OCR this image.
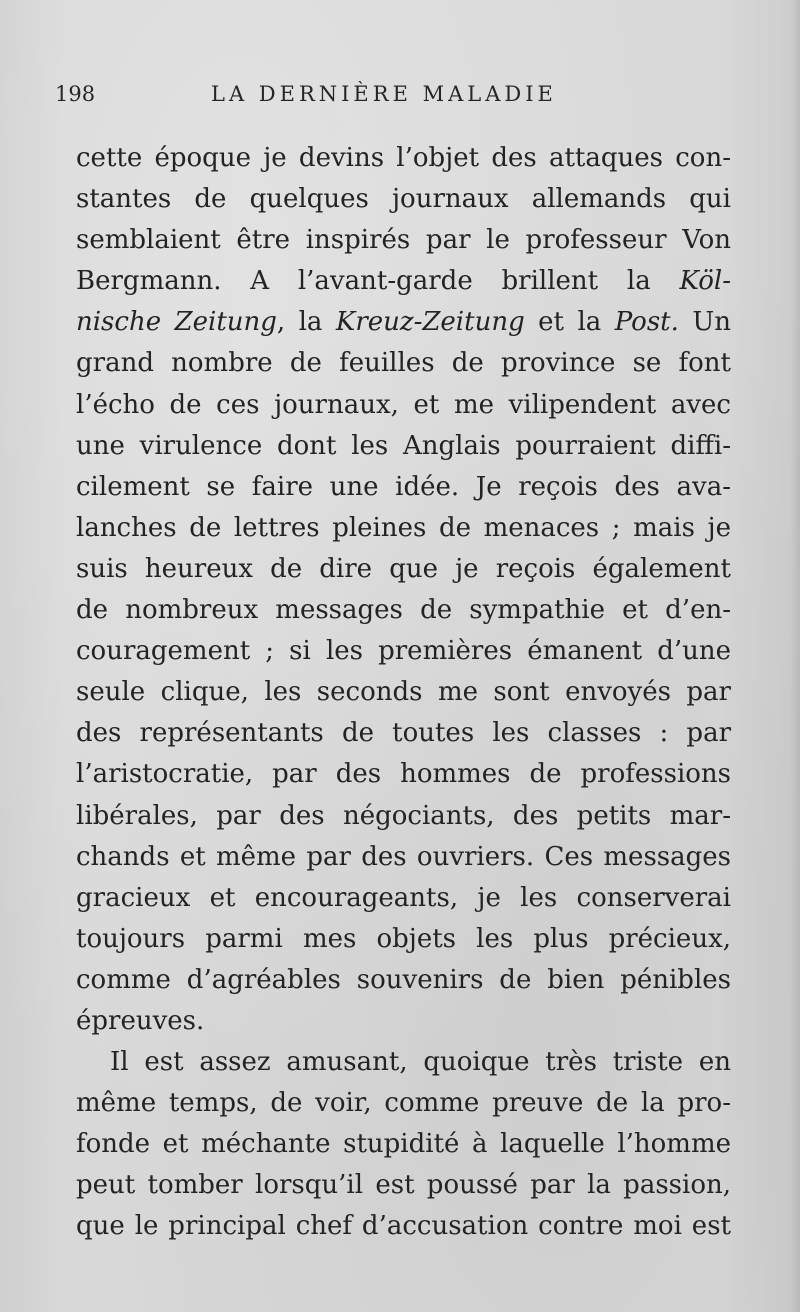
198	LA DERNIÈRE MALADIE
cette époque je devins l’objet des attaques con-
stantes de quelques journaux allemands qui
semblaient être inspirés par le professeur Von
Bergmann. A l’avant-garde brillent la Köl-
nische Zeitung, la Kreuz-Zeitung et la Post. Un
grand nombre de feuilles de province se font
l’écho de ces journaux, et me vilipendent avec
une virulence dont les Anglais pourraient diffi-
cilement se faire une idée. Je reçois des ava-
lanches de lettres pleines de menaces ; mais je
suis heureux de dire que je reçois également
de nombreux messages de sympathie et d’en-
couragement ; si les premières émanent d’une
seule clique, les seconds me sont envoyés par
des représentants de toutes les classes : par
l’aristocratie, par des hommes de professions
libérales, par des négociants, des petits mar-
chands et même par des ouvriers. Ces messages
gracieux et encourageants, je les conserverai
toujours parmi mes objets les plus précieux,
comme d’agréables souvenirs de bien pénibles
épreuves.
Il est assez amusant, quoique très triste en
même temps, de voir, comme preuve de la pro-
fonde et méchante stupidité à laquelle l’homme
peut tomber lorsqu’il est poussé par la passion,
que le principal chef d’accusation contre moi est
